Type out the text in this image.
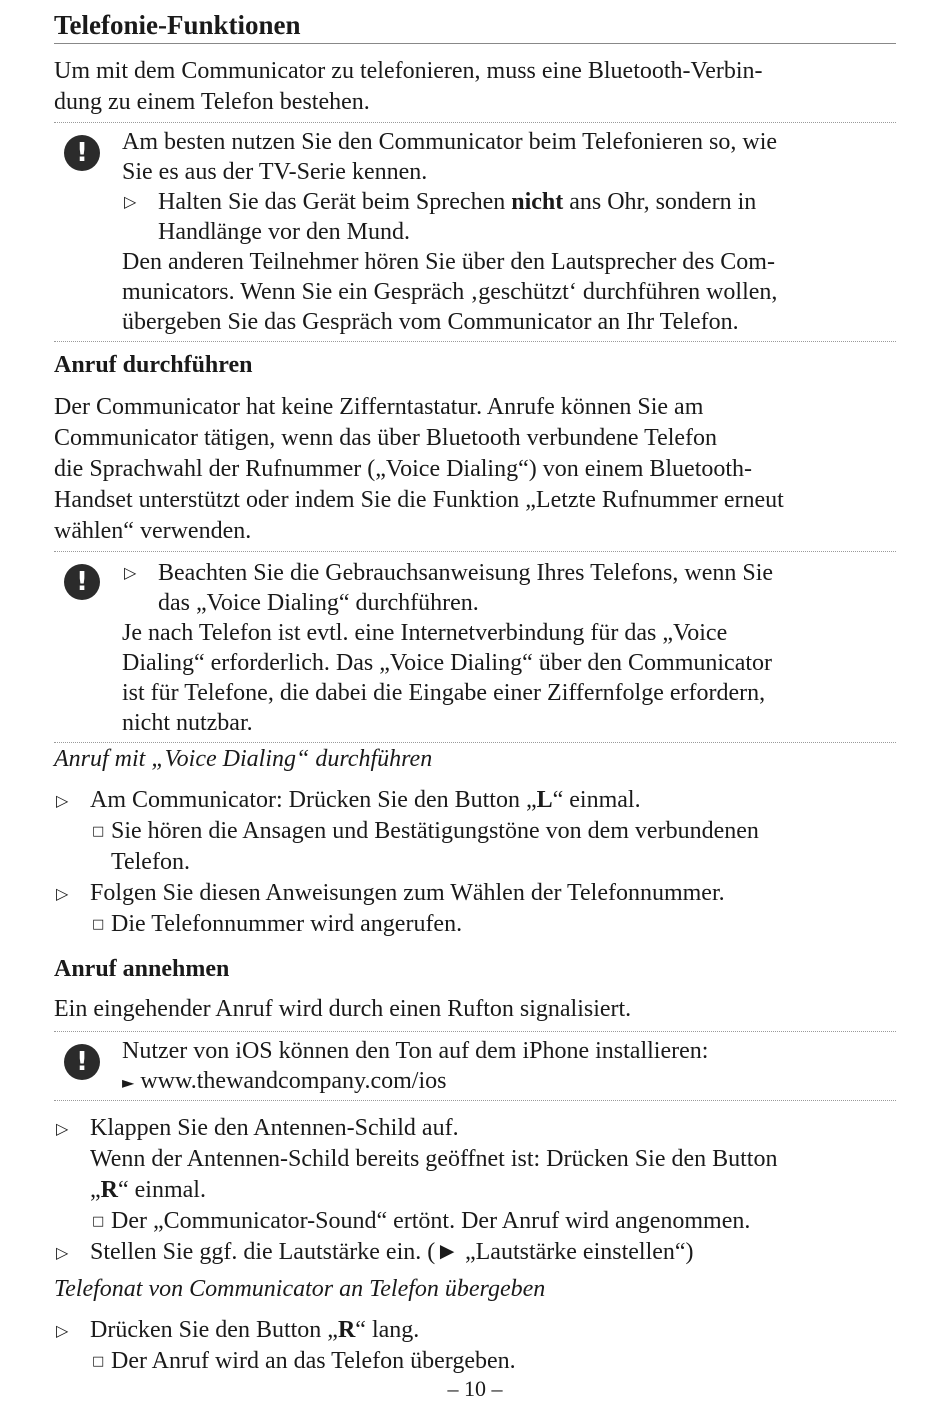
Telefonie-Funktionen
Um mit dem Communicator zu telefonieren, muss eine Bluetooth-Verbin-
dung zu einem Telefon bestehen.
!	Am besten nutzen Sie den Communicator beim Telefonieren so, wie
Sie es aus der TV-Serie kennen.
▷ Halten Sie das Gerät beim Sprechen nicht ans Ohr, sondern in
Handlänge vor den Mund.
Den anderen Teilnehmer hören Sie über den Lautsprecher des Com-
municators. Wenn Sie ein Gespräch ‚geschützt‘ durchführen wollen,
übergeben Sie das Gespräch vom Communicator an Ihr Telefon.
Anruf durchführen
Der Communicator hat keine Zifferntastatur. Anrufe können Sie am
Communicator tätigen, wenn das über Bluetooth verbundene Telefon
die Sprachwahl der Rufnummer („Voice Dialing“) von einem Bluetooth-
Handset unterstützt oder indem Sie die Funktion „Letzte Rufnummer erneut
wählen“ verwenden.
!	▷ Beachten Sie die Gebrauchsanweisung Ihres Telefons, wenn Sie
das „Voice Dialing“ durchführen.
Je nach Telefon ist evtl. eine Internetverbindung für das „Voice
Dialing“ erforderlich. Das „Voice Dialing“ über den Communicator
ist für Telefone, die dabei die Eingabe einer Ziffernfolge erfordern,
nicht nutzbar.
Anruf mit „Voice Dialing“ durchführen
▷ Am Communicator: Drücken Sie den Button „L“ einmal.
□ Sie hören die Ansagen und Bestätigungstöne von dem verbundenen
Telefon.
▷ Folgen Sie diesen Anweisungen zum Wählen der Telefonnummer.
□ Die Telefonnummer wird angerufen.
Anruf annehmen
Ein eingehender Anruf wird durch einen Rufton signalisiert.
!	Nutzer von iOS können den Ton auf dem iPhone installieren:
► www.thewandcompany.com/ios
▷ Klappen Sie den Antennen-Schild auf.
Wenn der Antennen-Schild bereits geöffnet ist: Drücken Sie den Button
„R“ einmal.
□ Der „Communicator-Sound“ ertönt. Der Anruf wird angenommen.
▷ Stellen Sie ggf. die Lautstärke ein. (► „Lautstärke einstellen“)
Telefonat von Communicator an Telefon übergeben
▷ Drücken Sie den Button „R“ lang.
□ Der Anruf wird an das Telefon übergeben.
– 10 –
